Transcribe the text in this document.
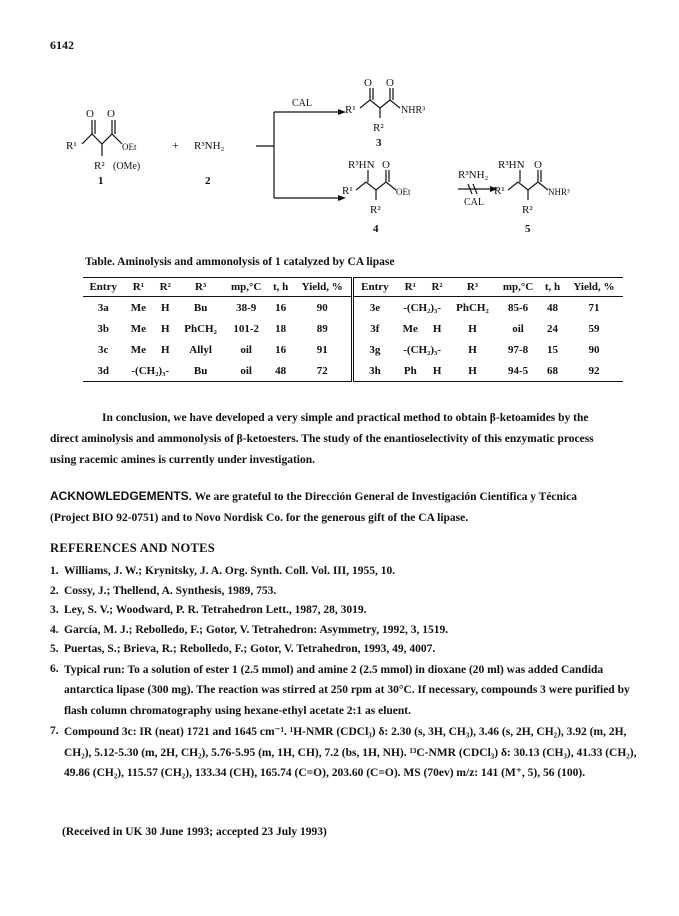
6142
O O
R¹	OEt
R² (OMe)
1
+ R³NH₂
2
CAL
O O
R¹	NHR³
R²
3
R³HN O
R¹	OEt
R²
4
R³NH₂
CAL
R³HN O
R¹	NHR³
R²
5
Table. Aminolysis and ammonolysis of 1 catalyzed by CA lipase
Entry	R¹	R²	R³	mp,°C	t, h	Yield, %	Entry	R¹	R²	R³	mp,°C	t, h	Yield, %
3a	Me	H	Bu	38-9	16	90	3e	-(CH₂)₃-		PhCH₂	85-6	48	71
3b	Me	H	PhCH₂	101-2	18	89	3f	Me	H	H	oil	24	59
3c	Me	H	Allyl	oil	16	91	3g	-(CH₂)₃-		H	97-8	15	90
3d	-(CH₂)₃-		Bu	oil	48	72	3h	Ph	H	H	94-5	68	92
In conclusion, we have developed a very simple and practical method to obtain β-ketoamides by the
direct aminolysis and ammonolysis of β-ketoesters. The study of the enantioselectivity of this enzymatic process
using racemic amines is currently under investigation.
ACKNOWLEDGEMENTS. We are grateful to the Dirección General de Investigación Científica y Técnica
(Project BIO 92-0751) and to Novo Nordisk Co. for the generous gift of the CA lipase.
REFERENCES AND NOTES
1. Williams, J. W.; Krynitsky, J. A. Org. Synth. Coll. Vol. III, 1955, 10.
2. Cossy, J.; Thellend, A. Synthesis, 1989, 753.
3. Ley, S. V.; Woodward, P. R. Tetrahedron Lett., 1987, 28, 3019.
4. García, M. J.; Rebolledo, F.; Gotor, V. Tetrahedron: Asymmetry, 1992, 3, 1519.
5. Puertas, S.; Brieva, R.; Rebolledo, F.; Gotor, V. Tetrahedron, 1993, 49, 4007.
6. Typical run: To a solution of ester 1 (2.5 mmol) and amine 2 (2.5 mmol) in dioxane (20 ml) was added Candida antarctica lipase (300 mg). The reaction was stirred at 250 rpm at 30°C. If necessary, compounds 3 were purified by flash column chromatography using hexane-ethyl acetate 2:1 as eluent.
7. Compound 3c: IR (neat) 1721 and 1645 cm⁻¹. ¹H-NMR (CDCl₃) δ: 2.30 (s, 3H, CH₃), 3.46 (s, 2H, CH₂), 3.92 (m, 2H, CH₂), 5.12-5.30 (m, 2H, CH₂), 5.76-5.95 (m, 1H, CH), 7.2 (bs, 1H, NH). ¹³C-NMR (CDCl₃) δ: 30.13 (CH₃), 41.33 (CH₂), 49.86 (CH₂), 115.57 (CH₂), 133.34 (CH), 165.74 (C=O), 203.60 (C=O). MS (70ev) m/z: 141 (M⁺, 5), 56 (100).
(Received in UK 30 June 1993; accepted 23 July 1993)
